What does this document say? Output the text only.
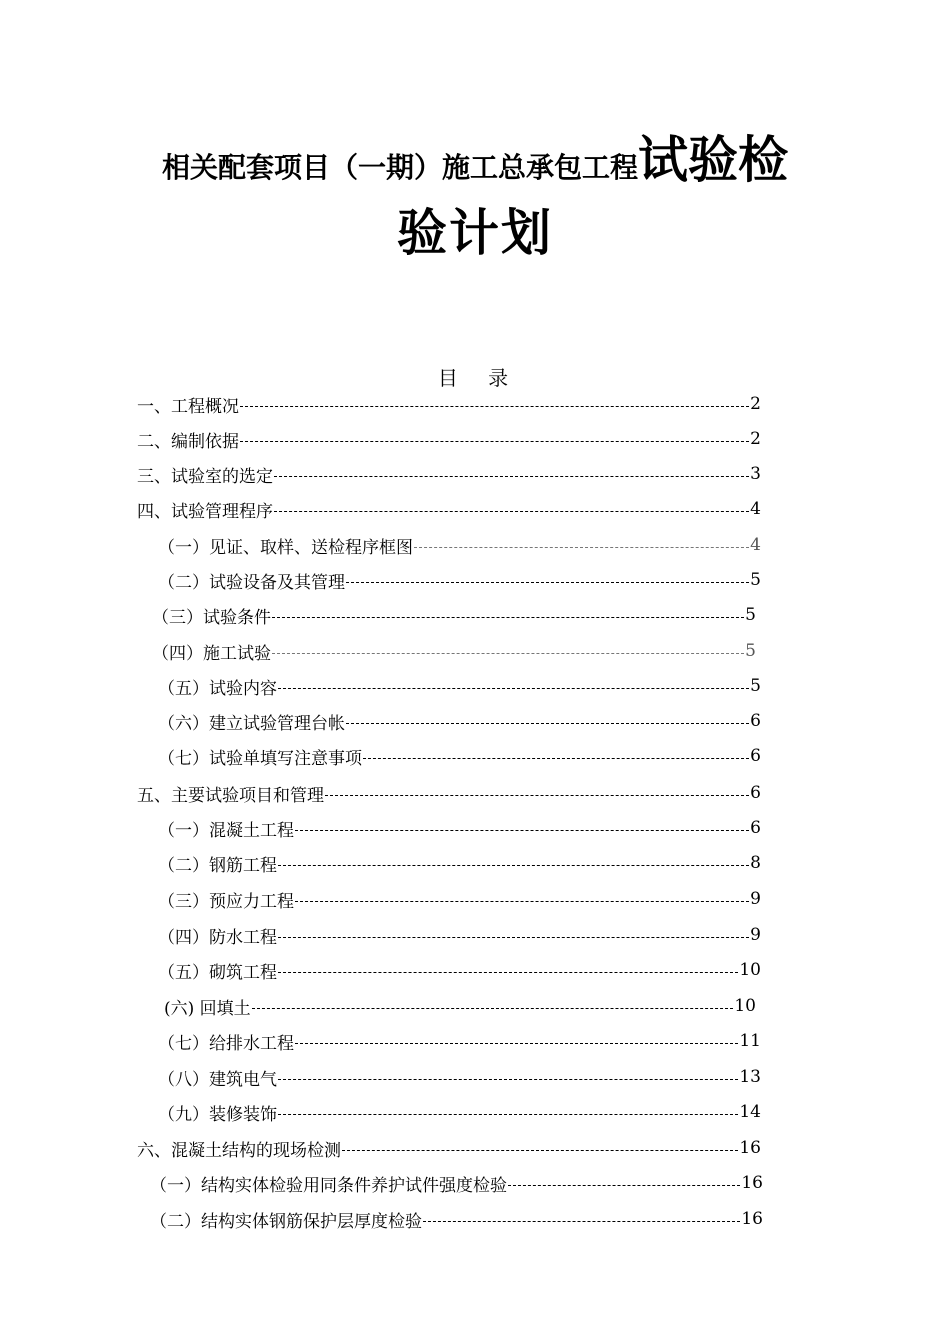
相关配套项目（一期）施工总承包工程试验检
验计划
目 录
一、工程概况	2
二、编制依据	2
三、试验室的选定	3
四、试验管理程序	4
（一）见证、取样、送检程序框图	4
（二）试验设备及其管理	5
（三）试验条件	5
（四）施工试验	5
（五）试验内容	5
（六）建立试验管理台帐	6
（七）试验单填写注意事项	6
五、主要试验项目和管理	6
（一）混凝土工程	6
（二）钢筋工程	8
（三）预应力工程	9
（四）防水工程	9
（五）砌筑工程	10
(六) 回填土	10
（七）给排水工程	11
（八）建筑电气	13
（九）装修装饰	14
六、混凝土结构的现场检测	16
（一）结构实体检验用同条件养护试件强度检验	16
（二）结构实体钢筋保护层厚度检验	16
